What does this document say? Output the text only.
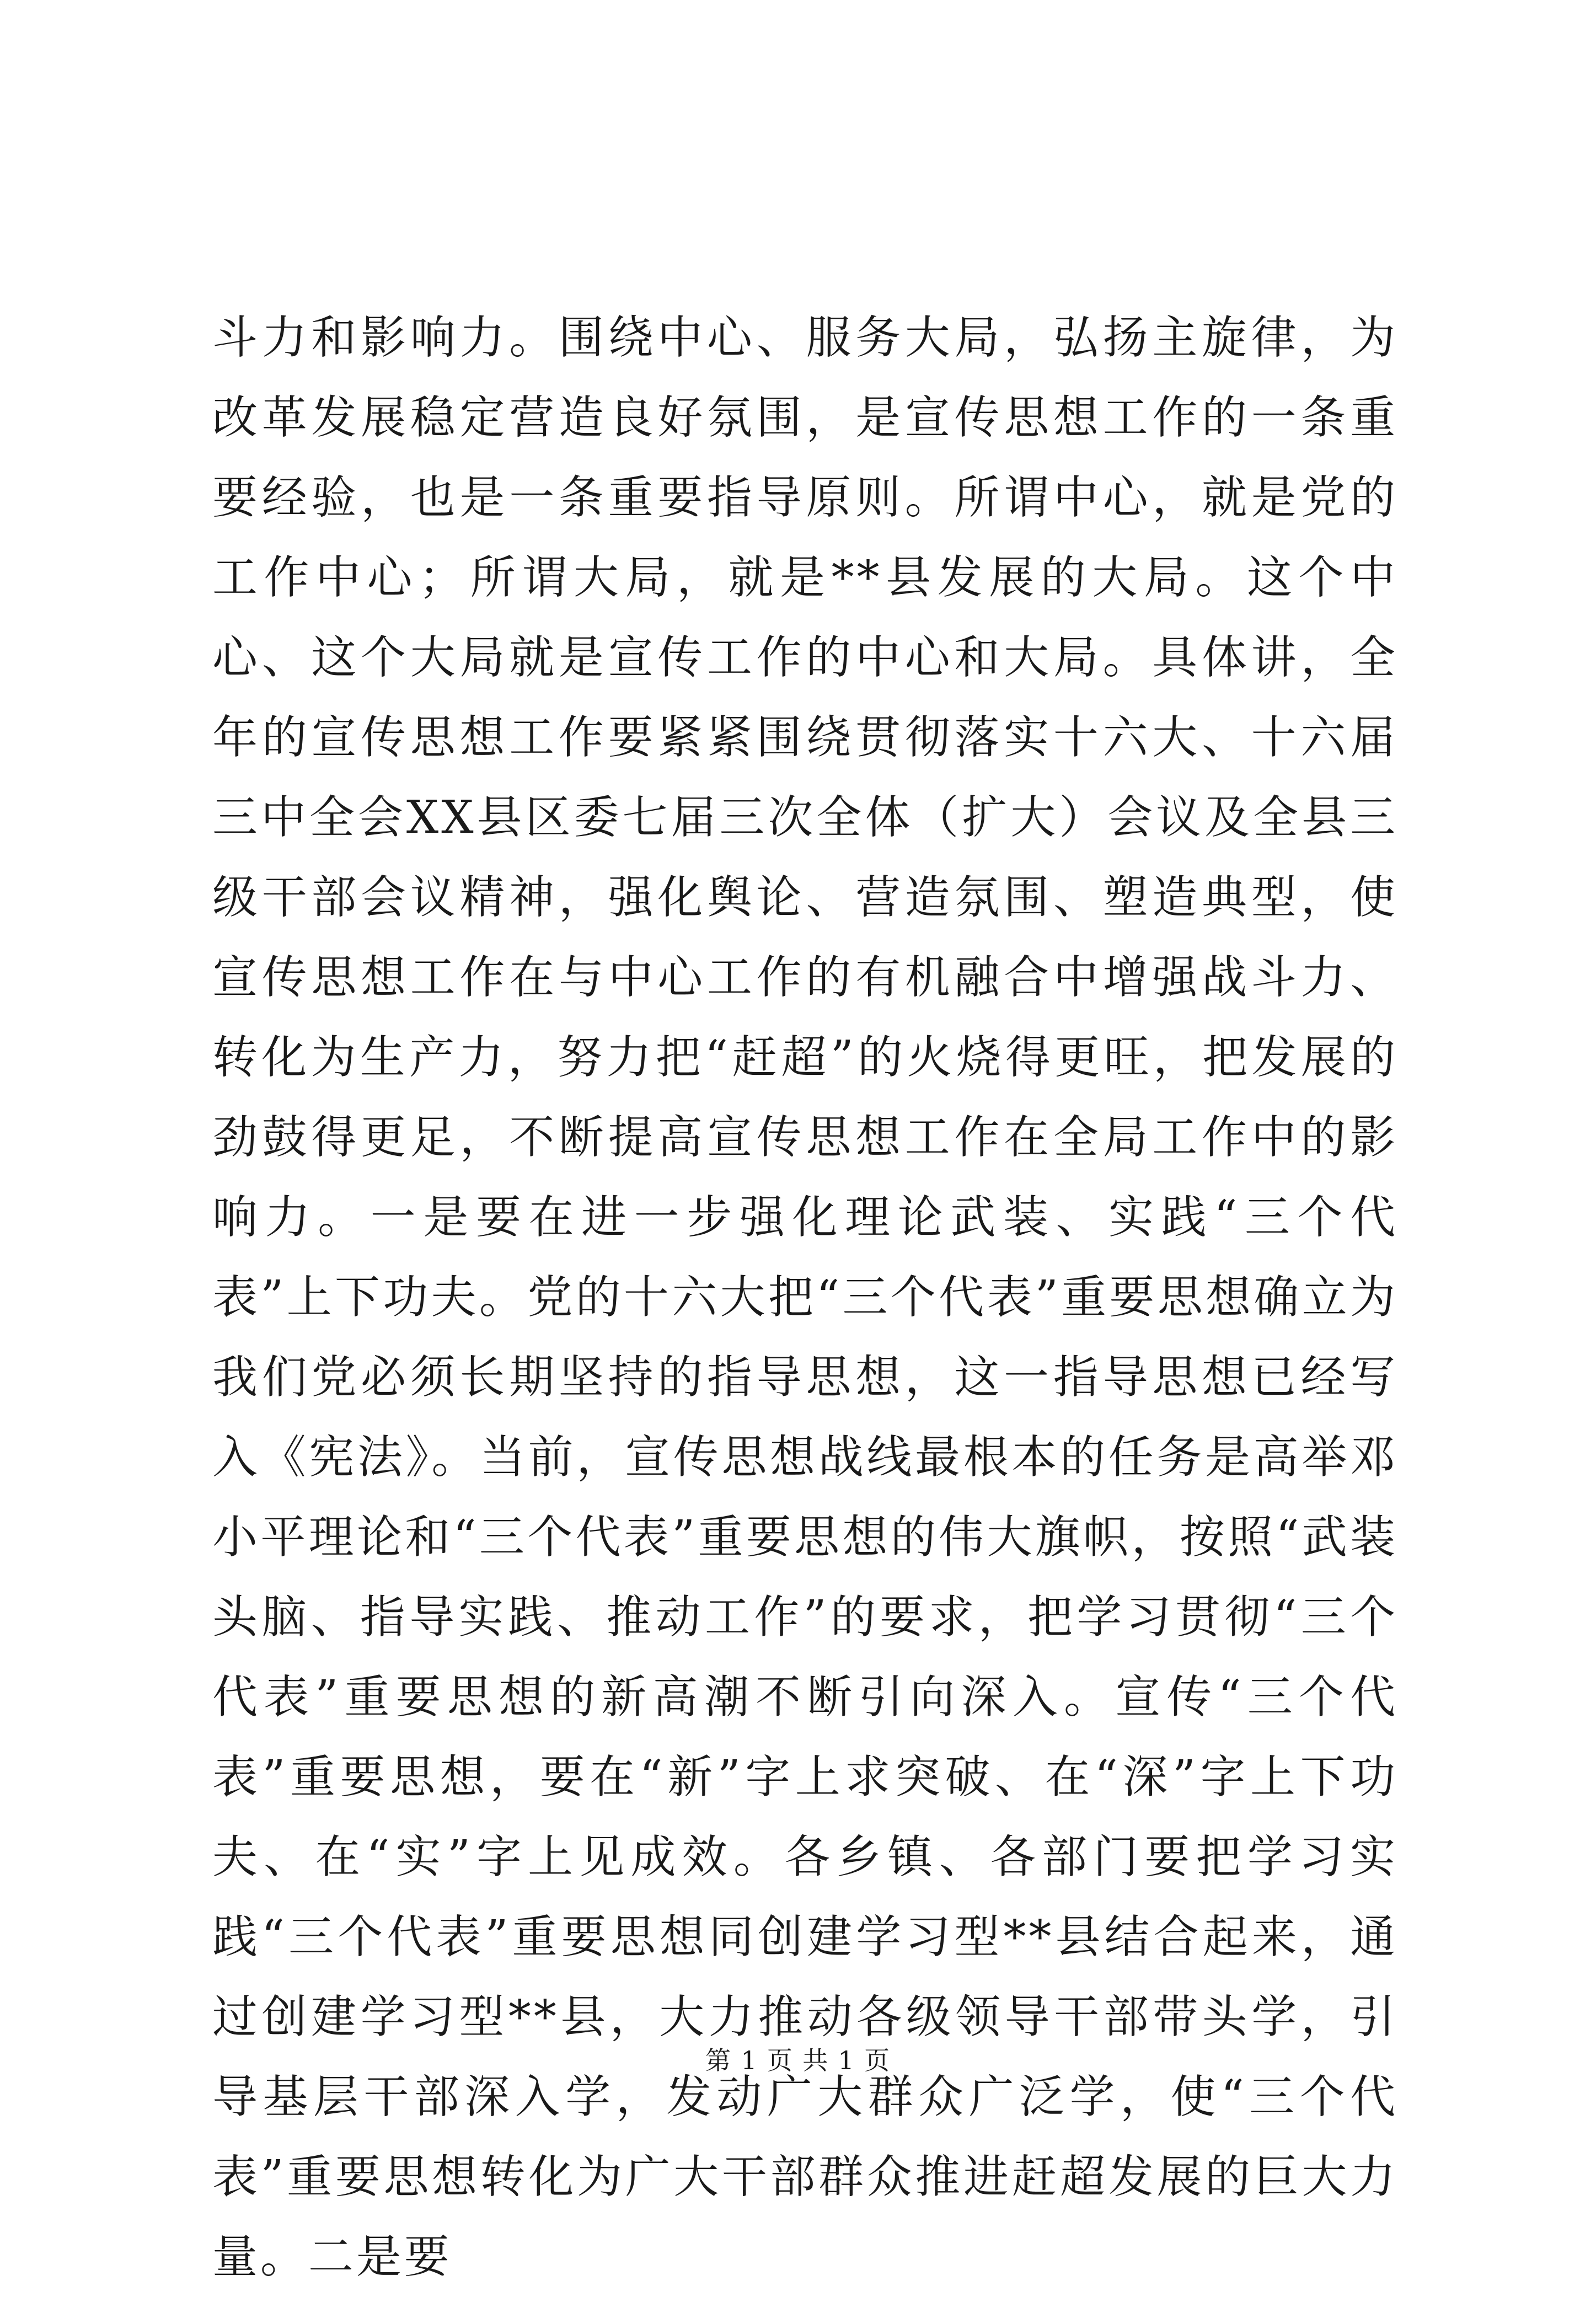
斗力和影响力。围绕中心、服务大局，弘扬主旋律，为改革发展稳定营造良好氛围，是宣传思想工作的一条重要经验，也是一条重要指导原则。所谓中心，就是党的工作中心；所谓大局，就是**县发展的大局。这个中心、这个大局就是宣传工作的中心和大局。具体讲，全年的宣传思想工作要紧紧围绕贯彻落实十六大、十六届三中全会XX县区委七届三次全体（扩大）会议及全县三级干部会议精神，强化舆论、营造氛围、塑造典型，使宣传思想工作在与中心工作的有机融合中增强战斗力、转化为生产力，努力把“赶超”的火烧得更旺，把发展的劲鼓得更足，不断提高宣传思想工作在全局工作中的影响力。一是要在进一步强化理论武装、实践“三个代表”上下功夫。党的十六大把“三个代表”重要思想确立为我们党必须长期坚持的指导思想，这一指导思想已经写入《宪法》。当前，宣传思想战线最根本的任务是高举邓小平理论和“三个代表”重要思想的伟大旗帜，按照“武装头脑、指导实践、推动工作”的要求，把学习贯彻“三个代表”重要思想的新高潮不断引向深入。宣传“三个代表”重要思想，要在“新”字上求突破、在“深”字上下功夫、在“实”字上见成效。各乡镇、各部门要把学习实践“三个代表”重要思想同创建学习型**县结合起来，通过创建学习型**县，大力推动各级领导干部带头学，引导基层干部深入学，发动广大群众广泛学，使“三个代表”重要思想转化为广大干部群众推进赶超发展的巨大力量。二是要

第 1 页 共 1 页
